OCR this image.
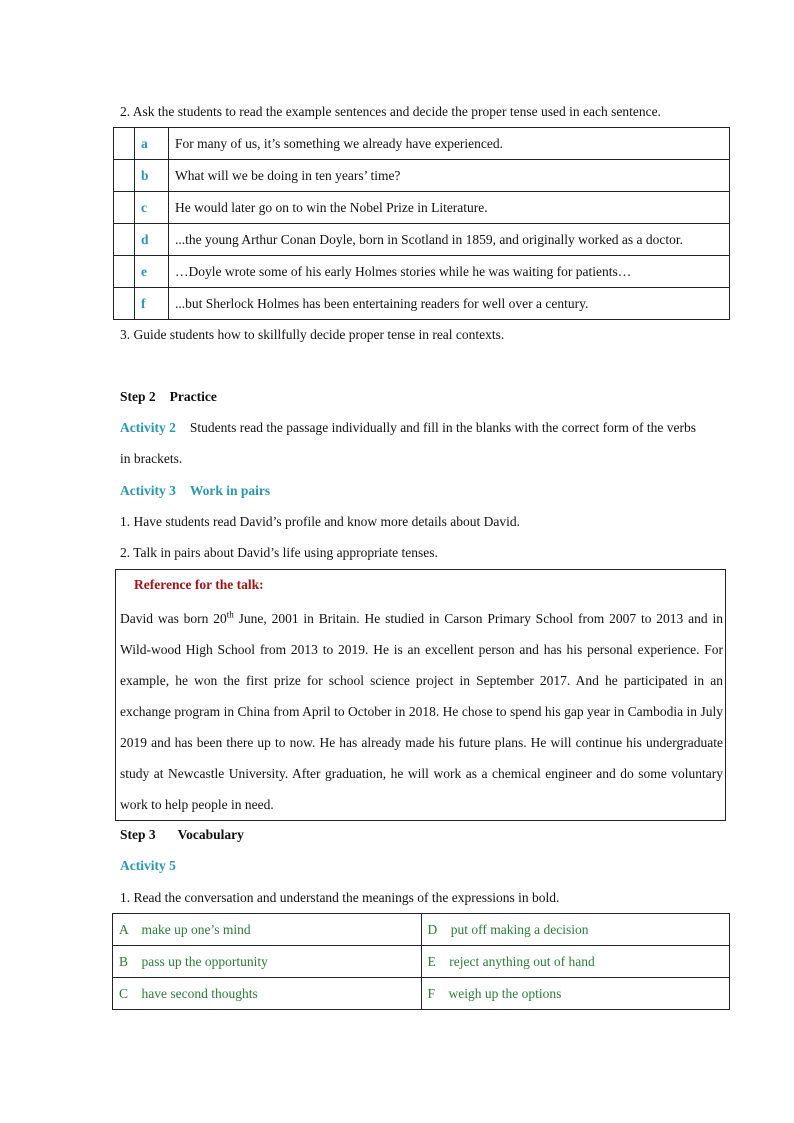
2. Ask the students to read the example sentences and decide the proper tense used in each sentence.
	a	For many of us, it’s something we already have experienced.
	b	What will we be doing in ten years’ time?
	c	He would later go on to win the Nobel Prize in Literature.
	d	...the young Arthur Conan Doyle, born in Scotland in 1859, and originally worked as a doctor.
	e	…Doyle wrote some of his early Holmes stories while he was waiting for patients…
	f	...but Sherlock Holmes has been entertaining readers for well over a century.
3. Guide students how to skillfully decide proper tense in real contexts.
Step 2 Practice
Activity 2 Students read the passage individually and fill in the blanks with the correct form of the verbs
in brackets.
Activity 3 Work in pairs
1. Have students read David’s profile and know more details about David.
2. Talk in pairs about David’s life using appropriate tenses.
Reference for the talk:
David was born 20th June, 2001 in Britain. He studied in Carson Primary School from 2007 to 2013 and in Wild-wood High School from 2013 to 2019. He is an excellent person and has his personal experience. For example, he won the first prize for school science project in September 2017. And he participated in an exchange program in China from April to October in 2018. He chose to spend his gap year in Cambodia in July 2019 and has been there up to now. He has already made his future plans. He will continue his undergraduate study at Newcastle University. After graduation, he will work as a chemical engineer and do some voluntary work to help people in need.
Step 3 Vocabulary
Activity 5
1. Read the conversation and understand the meanings of the expressions in bold.
A    make up one’s mind	D    put off making a decision
B    pass up the opportunity	E    reject anything out of hand
C    have second thoughts	F    weigh up the options
